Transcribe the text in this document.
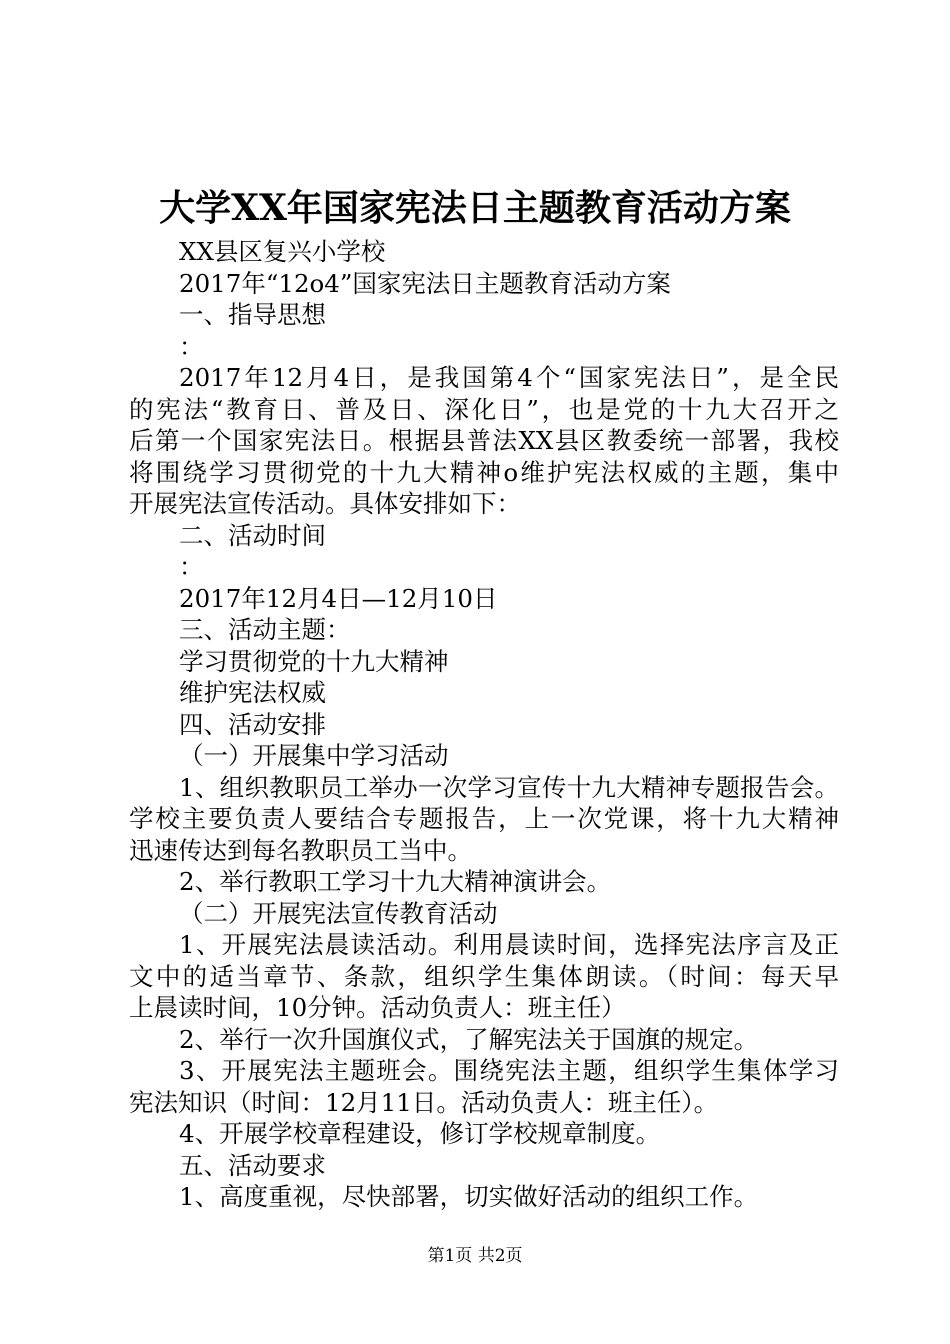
大学XX年国家宪法日主题教育活动方案
XX县区复兴小学校
2017年“12o4”国家宪法日主题教育活动方案
一、指导思想
：
2017年12月4日，是我国第4个“国家宪法日”，是全民
的宪法“教育日、普及日、深化日”，也是党的十九大召开之
后第一个国家宪法日。根据县普法XX县区教委统一部署，我校
将围绕学习贯彻党的十九大精神o维护宪法权威的主题，集中
开展宪法宣传活动。具体安排如下：
二、活动时间
：
2017年12月4日—12月10日
三、活动主题：
学习贯彻党的十九大精神
维护宪法权威
四、活动安排
（一）开展集中学习活动
1、组织教职员工举办一次学习宣传十九大精神专题报告会。
学校主要负责人要结合专题报告，上一次党课，将十九大精神
迅速传达到每名教职员工当中。
2、举行教职工学习十九大精神演讲会。
（二）开展宪法宣传教育活动
1、开展宪法晨读活动。利用晨读时间，选择宪法序言及正
文中的适当章节、条款，组织学生集体朗读。（时间：每天早
上晨读时间，10分钟。活动负责人：班主任）
2、举行一次升国旗仪式，了解宪法关于国旗的规定。
3、开展宪法主题班会。围绕宪法主题，组织学生集体学习
宪法知识（时间：12月11日。活动负责人：班主任）。
4、开展学校章程建设，修订学校规章制度。
五、活动要求
1、高度重视，尽快部署，切实做好活动的组织工作。
第1页 共2页
